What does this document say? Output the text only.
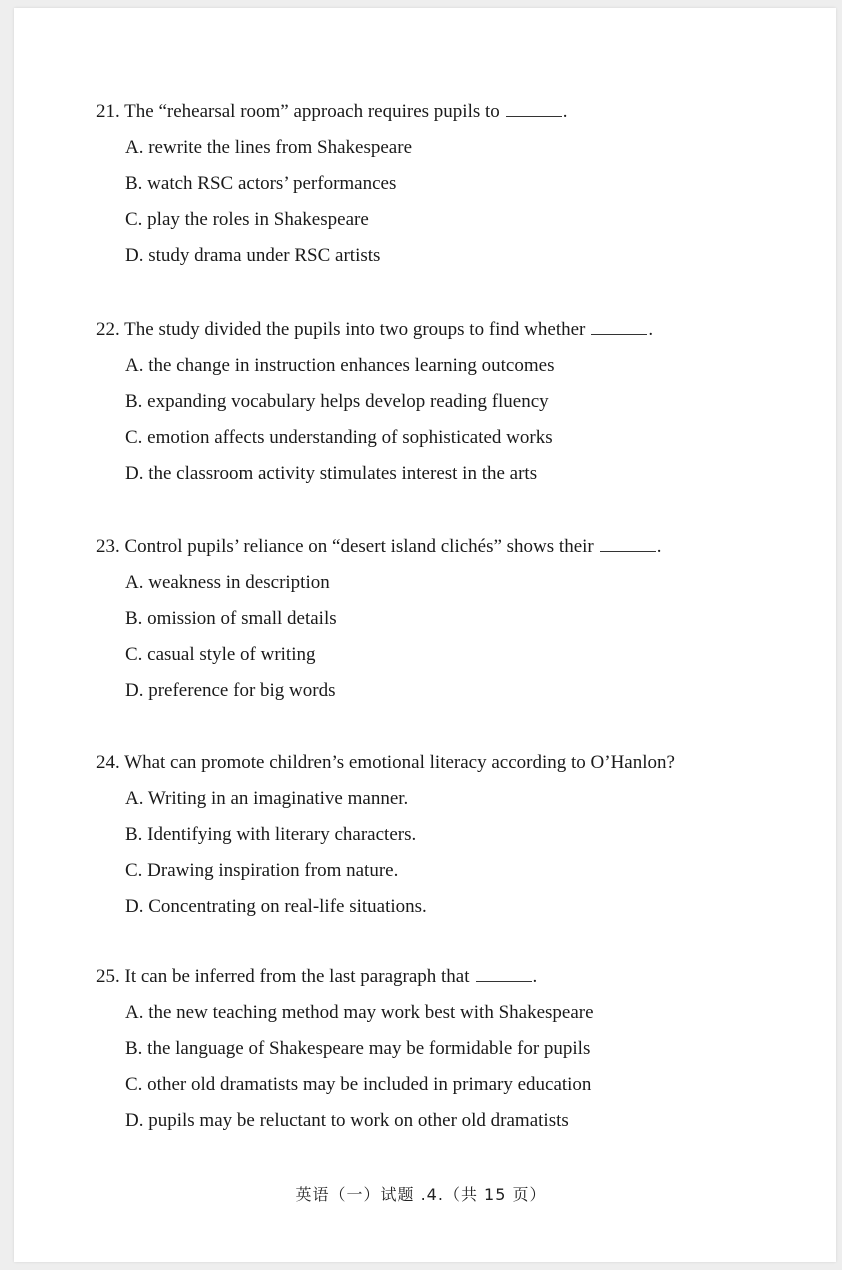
21. The “rehearsal room” approach requires pupils to	.
A. rewrite the lines from Shakespeare
B. watch RSC actors’ performances
C. play the roles in Shakespeare
D. study drama under RSC artists
22. The study divided the pupils into two groups to find whether	.
A. the change in instruction enhances learning outcomes
B. expanding vocabulary helps develop reading fluency
C. emotion affects understanding of sophisticated works
D. the classroom activity stimulates interest in the arts
23. Control pupils’ reliance on “desert island clichés” shows their	.
A. weakness in description
B. omission of small details
C. casual style of writing
D. preference for big words
24. What can promote children’s emotional literacy according to O’Hanlon?
A. Writing in an imaginative manner.
B. Identifying with literary characters.
C. Drawing inspiration from nature.
D. Concentrating on real-life situations.
25. It can be inferred from the last paragraph that	.
A. the new teaching method may work best with Shakespeare
B. the language of Shakespeare may be formidable for pupils
C. other old dramatists may be included in primary education
D. pupils may be reluctant to work on other old dramatists
英语（一）试题 .4.（共 15 页）
